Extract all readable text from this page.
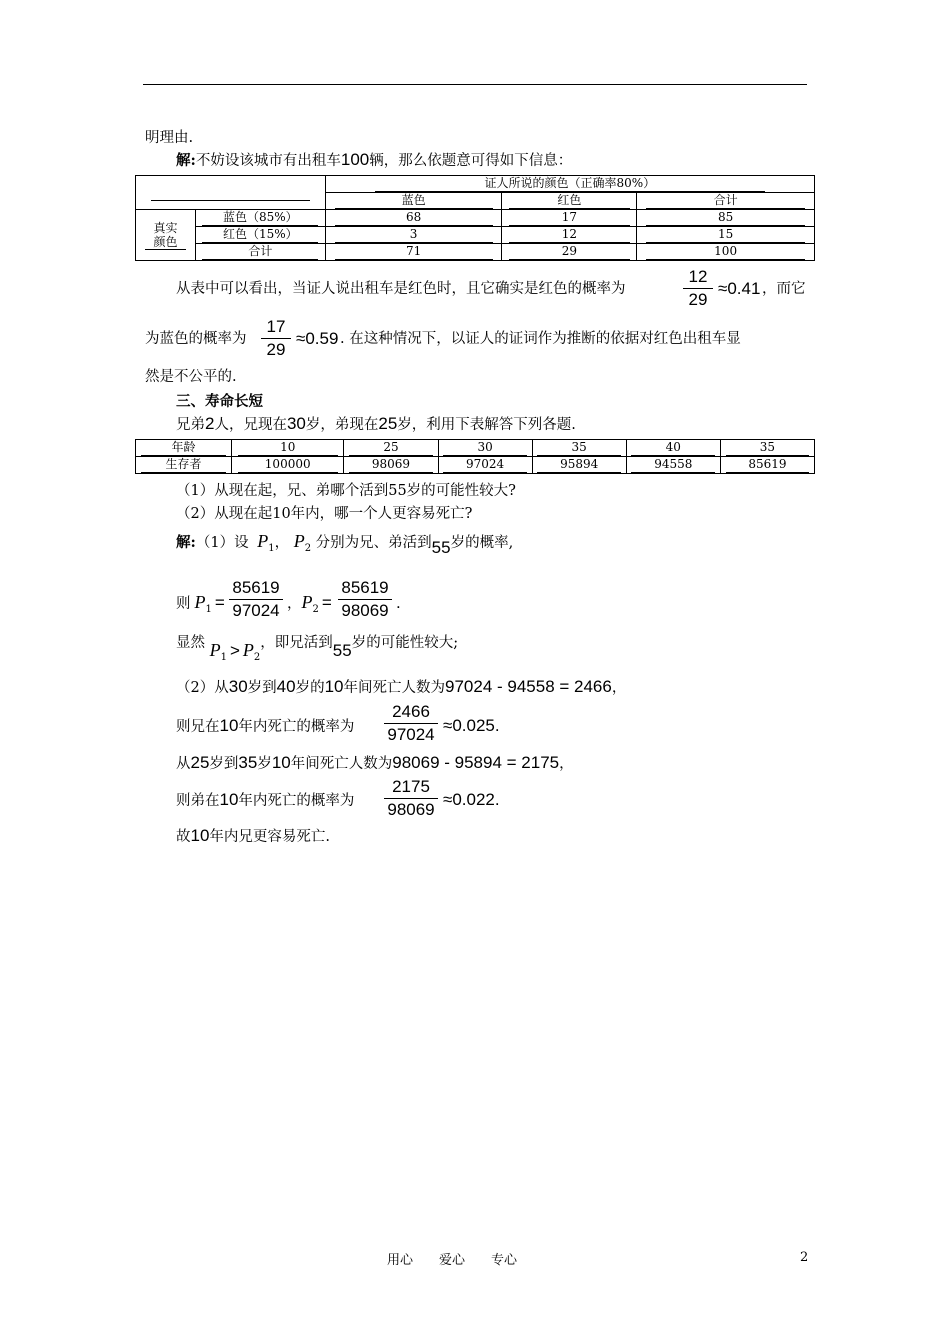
明理由.
解:不妨设该城市有出租车100辆，那么依题意可得如下信息：
		证人所说的颜色（正确率80%）		
		蓝色	红色	合计
真实
颜色	蓝色（85%）	68	17	85
	红色（15%）	3	12	15
	合计	71	29	100
从表中可以看出，当证人说出租车是红色时，且它确实是红色的概率为
12
29
≈0.41 ，而它
为蓝色的概率为
17
29
≈0.59 . 在这种情况下，以证人的证词作为推断的依据对红色出租车显
然是不公平的.
三、寿命长短
兄弟2人，兄现在30岁，弟现在25岁，利用下表解答下列各题.
年龄	10	25	30	35	40	35
生存者	100000	98069	97024	95894	94558	85619
（1）从现在起，兄、弟哪个活到55岁的可能性较大?
（2）从现在起10年内，哪一个人更容易死亡?
解:（1）设 $P_1$， $P_2$ 分别为兄、弟活到55岁的概率,
则 $P_1$ =
85619
97024 ，$P_2$ =
85619
98069 .
显然 $P_1 > P_2$，即兄活到55岁的可能性较大;
（2）从30岁到40岁的10年间死亡人数为97024 - 94558 = 2466，
则兄在10年内死亡的概率为
2466
97024 ≈0.025.
从25岁到35岁10年间死亡人数为98069 - 95894 = 2175，
则弟在10年内死亡的概率为
2175
98069
≈0.022.
故10年内兄更容易死亡.
用心　　爱心　　专心	2
